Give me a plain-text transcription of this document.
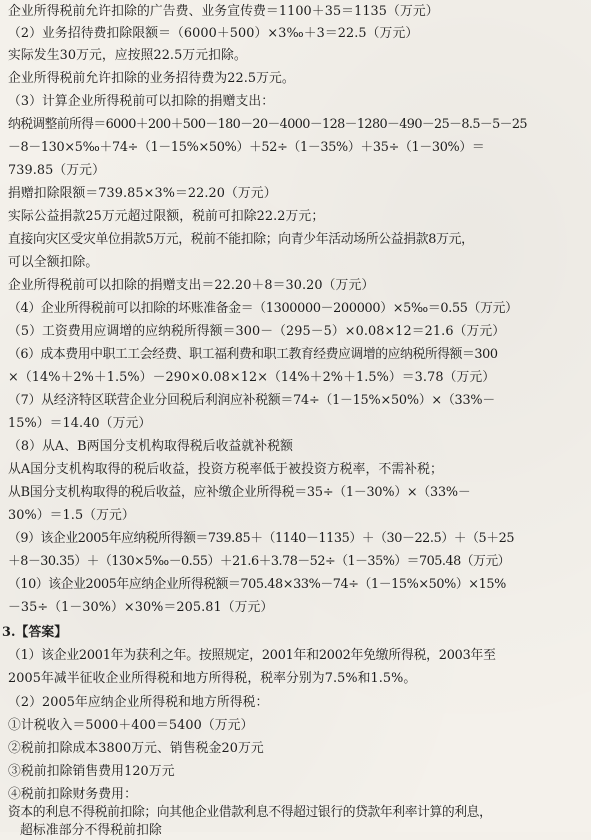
企业所得税前允许扣除的广告费、业务宣传费＝1100＋35＝1135（万元）
（2）业务招待费扣除限额＝（6000＋500）×3‰＋3＝22.5（万元）
实际发生30万元，应按照22.5万元扣除。
企业所得税前允许扣除的业务招待费为22.5万元。
（3）计算企业所得税前可以扣除的捐赠支出：
纳税调整前所得＝6000＋200＋500－180－20－4000－128－1280－490－25－8.5－5－25
－8－130×5‰＋74÷（1－15%×50%）＋52÷（1－35%）＋35÷（1－30%）＝
739.85（万元）
捐赠扣除限额＝739.85×3%＝22.20（万元）
实际公益捐款25万元超过限额，税前可扣除22.2万元；
直接向灾区受灾单位捐款5万元，税前不能扣除；向青少年活动场所公益捐款8万元，
可以全额扣除。
企业所得税前可以扣除的捐赠支出＝22.20＋8＝30.20（万元）
（4）企业所得税前可以扣除的坏账准备金＝（1300000－200000）×5‰＝0.55（万元）
（5）工资费用应调增的应纳税所得额＝300－（295－5）×0.08×12＝21.6（万元）
（6）成本费用中职工工会经费、职工福利费和职工教育经费应调增的应纳税所得额＝300
×（14%＋2%＋1.5%）－290×0.08×12×（14%＋2%＋1.5%）＝3.78（万元）
（7）从经济特区联营企业分回税后利润应补税额＝74÷（1－15%×50%）×（33%－
15%）＝14.40（万元）
（8）从A、B两国分支机构取得税后收益就补税额
从A国分支机构取得的税后收益，投资方税率低于被投资方税率，不需补税；
从B国分支机构取得的税后收益，应补缴企业所得税＝35÷（1－30%）×（33%－
30%）＝1.5（万元）
（9）该企业2005年应纳税所得额＝739.85＋（1140－1135）＋（30－22.5）＋（5＋25
＋8－30.35）＋（130×5‰－0.55）＋21.6＋3.78－52÷（1－35%）＝705.48（万元）
（10）该企业2005年应纳企业所得税额＝705.48×33%－74÷（1－15%×50%）×15%
－35÷（1－30%）×30%＝205.81（万元）
3.【答案】
（1）该企业2001年为获利之年。按照规定，2001年和2002年免缴所得税，2003年至
2005年减半征收企业所得税和地方所得税，税率分别为7.5%和1.5%。
（2）2005年应纳企业所得税和地方所得税：
①计税收入＝5000＋400＝5400（万元）
②税前扣除成本3800万元、销售税金20万元
③税前扣除销售费用120万元
④税前扣除财务费用：
资本的利息不得税前扣除；向其他企业借款利息不得超过银行的贷款年利率计算的利息，
超标准部分不得税前扣除
